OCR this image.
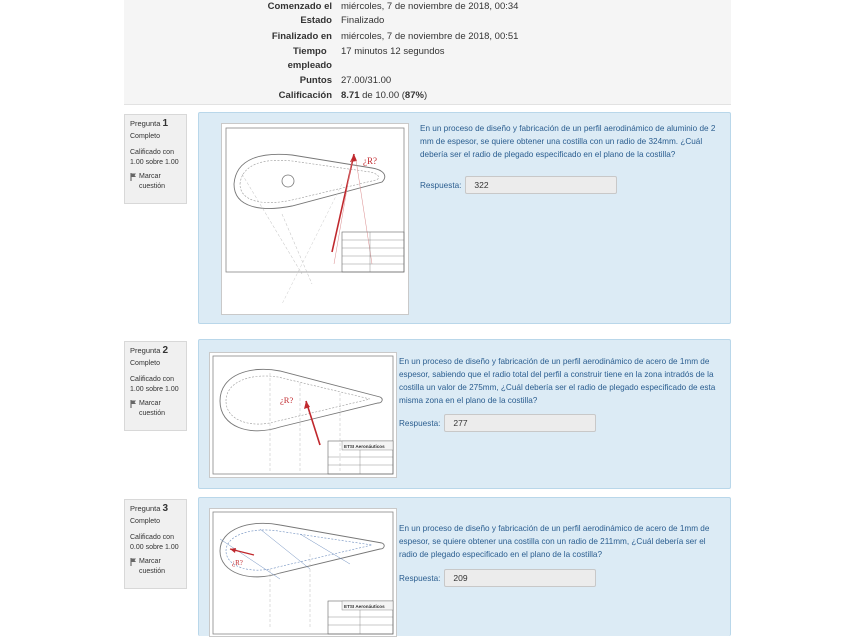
Comenzado el miércoles, 7 de noviembre de 2018, 00:34
Estado Finalizado
Finalizado en miércoles, 7 de noviembre de 2018, 00:51
Tiempo
empleado
17 minutos 12 segundos
Puntos 27.00/31.00
Calificación 8.71 de 10.00 (87%)
Pregunta 1
Completo
Calificado con 1.00 sobre 1.00
Marcar cuestión
¿R?
En un proceso de diseño y fabricación de un perfil aerodinámico de aluminio de 2 mm de espesor, se quiere obtener una costilla con un radio de 324mm. ¿Cuál debería ser el radio de plegado especificado en el plano de la costilla?
Respuesta:	322
Pregunta 2
Completo
Calificado con 1.00 sobre 1.00
Marcar cuestión
¿R?
ETSI Aeronáuticos
En un proceso de diseño y fabricación de un perfil aerodinámico de acero de 1mm de espesor, sabiendo que el radio total del perfil a construir tiene en la zona intradós de la costilla un valor de 275mm, ¿Cuál debería ser el radio de plegado especificado de esta misma zona en el plano de la costilla?
Respuesta:	277
Pregunta 3
Completo
Calificado con 0.00 sobre 1.00
Marcar cuestión
¿R?
ETSI Aeronáuticos
En un proceso de diseño y fabricación de un perfil aerodinámico de acero de 1mm de espesor, se quiere obtener una costilla con un radio de 211mm, ¿Cuál debería ser el radio de plegado especificado en el plano de la costilla?
Respuesta:	209
